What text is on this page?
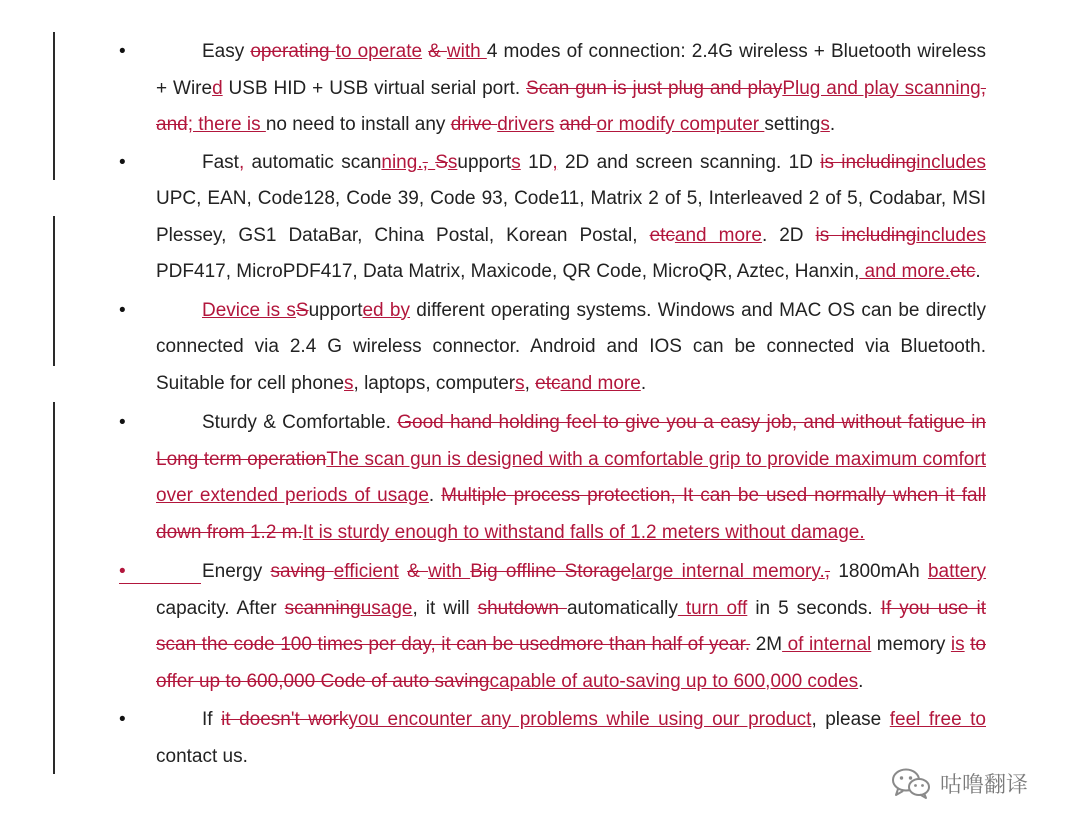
•	Easy operating to operate & with 4 modes of connection: 2.4G wireless + Bluetooth wireless + Wired USB HID + USB virtual serial port. Scan gun is just plug and playPlug and play scanning, and; there is no need to install any drive drivers and or modify computer settings.
•	Fast, automatic scanning., Ssupports 1D, 2D and screen scanning. 1D is includingincludes UPC, EAN, Code128, Code 39, Code 93, Code11, Matrix 2 of 5, Interleaved 2 of 5, Codabar, MSI Plessey, GS1 DataBar, China Postal, Korean Postal, etcand more. 2D is includingincludes PDF417, MicroPDF417, Data Matrix, Maxicode, QR Code, MicroQR, Aztec, Hanxin, and more.etc.
•	Device is sSupported by different operating systems. Windows and MAC OS can be directly connected via 2.4 G wireless connector. Android and IOS can be connected via Bluetooth. Suitable for cell phones, laptops, computers, etcand more.
•	Sturdy & Comfortable. Good hand holding feel to give you a easy job, and without fatigue in Long term operationThe scan gun is designed with a comfortable grip to provide maximum comfort over extended periods of usage. Multiple process protection, It can be used normally when it fall down from 1.2 m.It is sturdy enough to withstand falls of 1.2 meters without damage.
•	Energy saving efficient & with Big offline Storagelarge internal memory., 1800mAh battery capacity. After scanningusage, it will shutdown automatically turn off in 5 seconds. If you use it scan the code 100 times per day, it can be usedmore than half of year. 2M of internal memory is to offer up to 600,000 Code of auto savingcapable of auto-saving up to 600,000 codes.
•	If it doesn't workyou encounter any problems while using our product, please feel free to contact us.
咕噜翻译
